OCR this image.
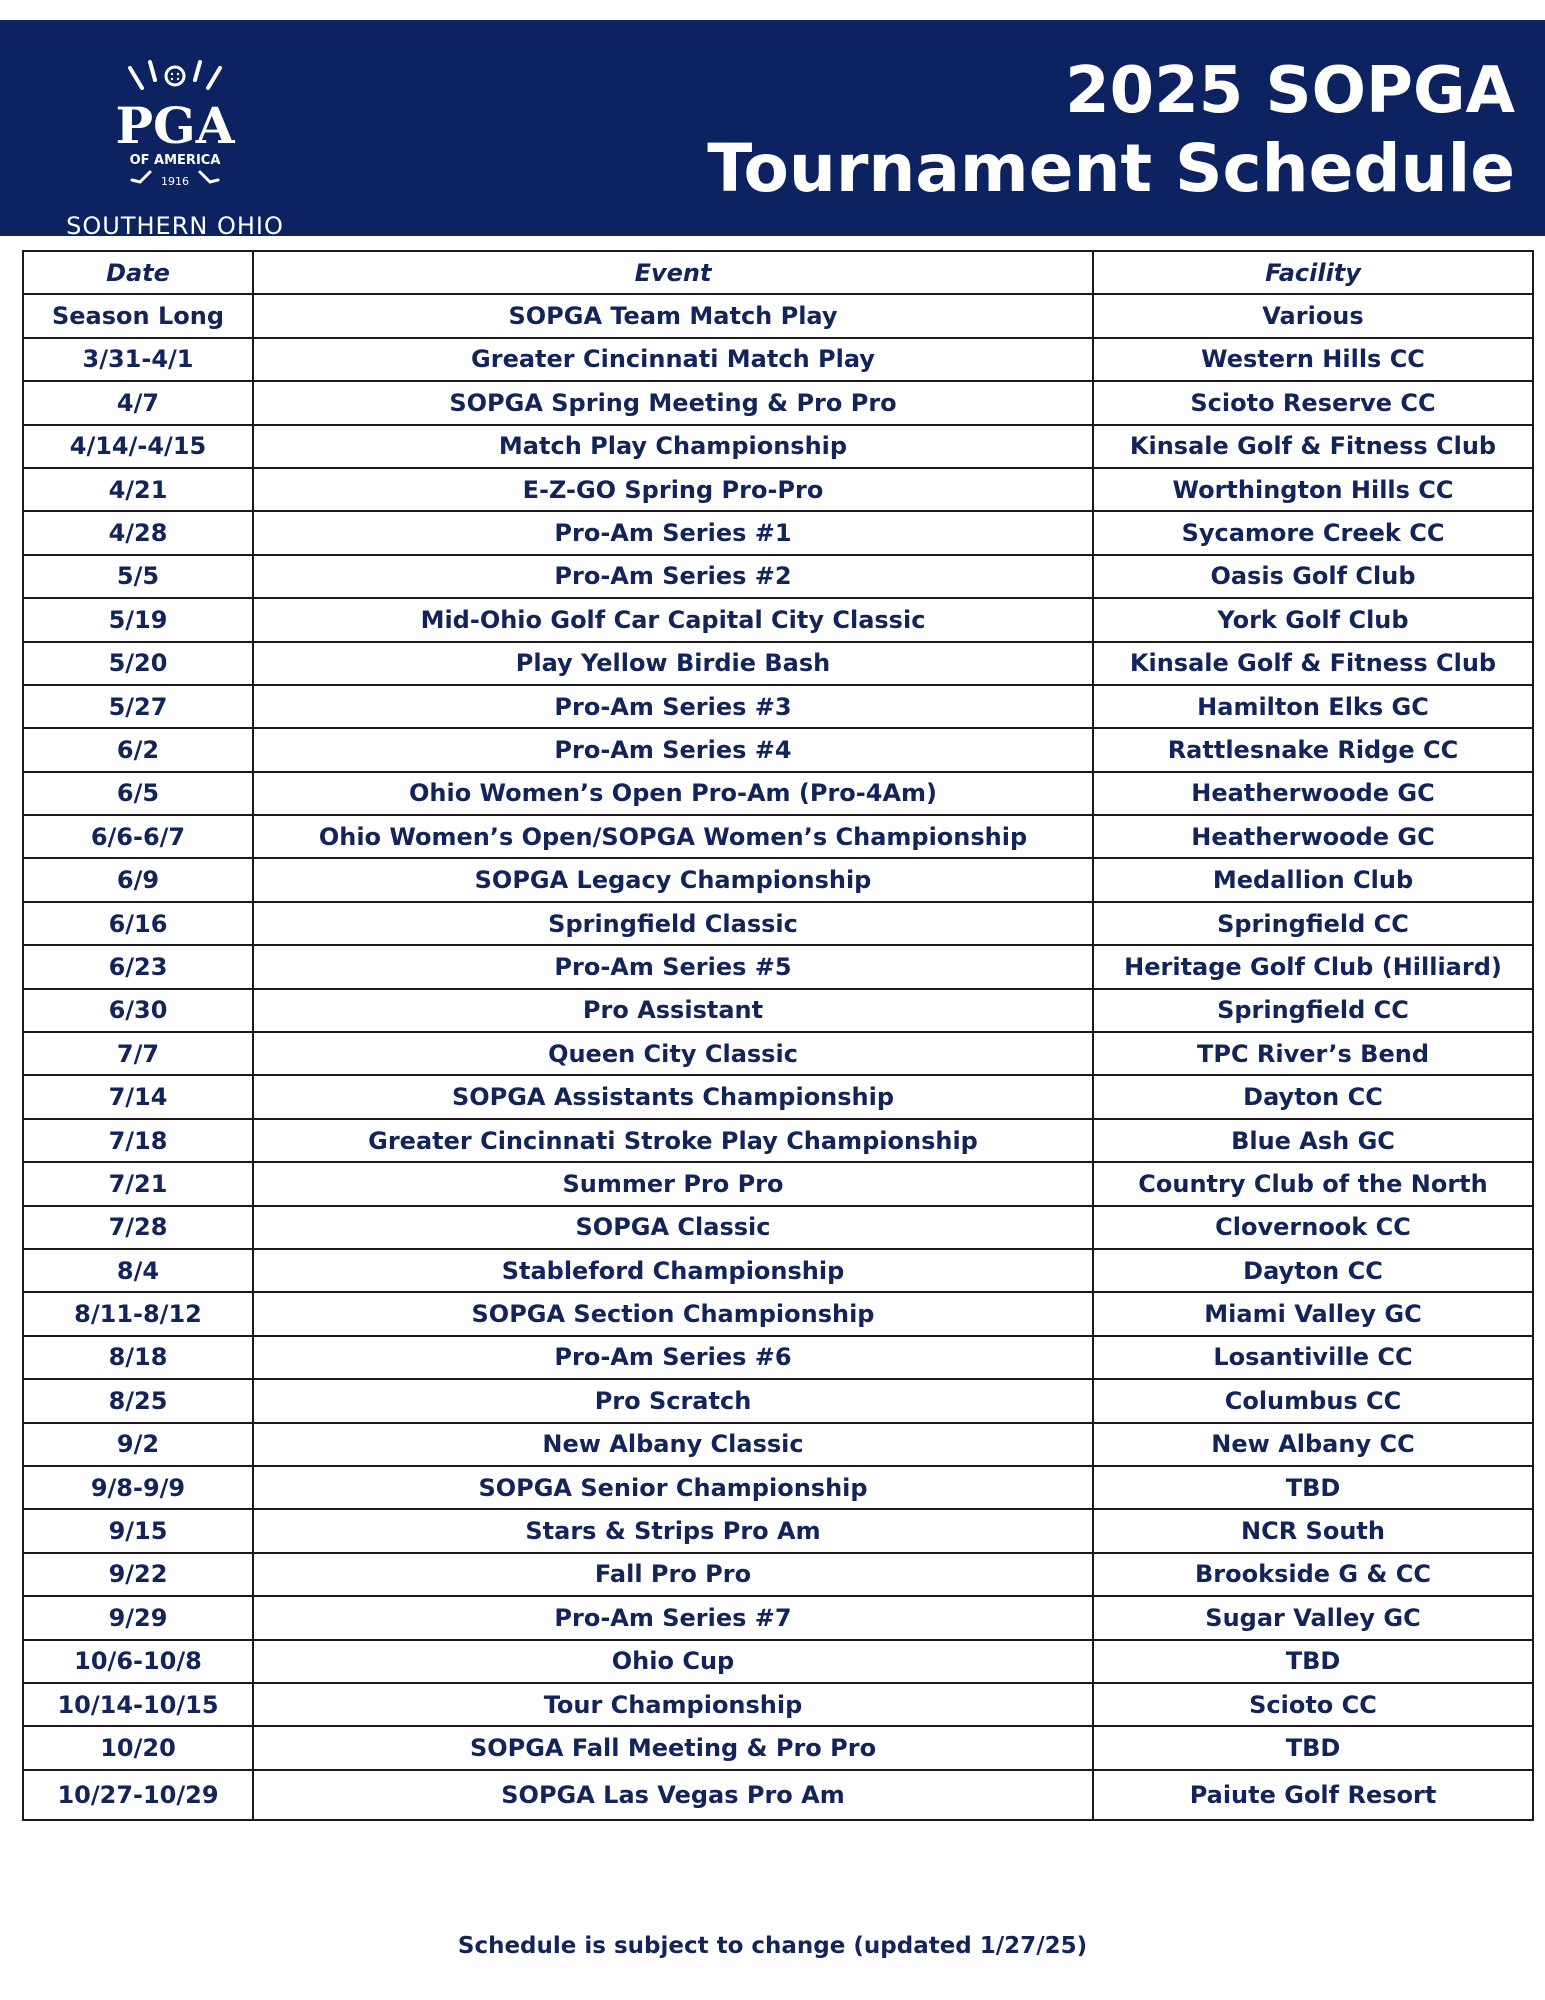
PGA
OF AMERICA
1916
SOUTHERN OHIO
2025 SOPGA
Tournament Schedule
Date	Event	Facility
Season Long	SOPGA Team Match Play	Various
3/31-4/1	Greater Cincinnati Match Play	Western Hills CC
4/7	SOPGA Spring Meeting & Pro Pro	Scioto Reserve CC
4/14/-4/15	Match Play Championship	Kinsale Golf & Fitness Club
4/21	E-Z-GO Spring Pro-Pro	Worthington Hills CC
4/28	Pro-Am Series #1	Sycamore Creek CC
5/5	Pro-Am Series #2	Oasis Golf Club
5/19	Mid-Ohio Golf Car Capital City Classic	York Golf Club
5/20	Play Yellow Birdie Bash	Kinsale Golf & Fitness Club
5/27	Pro-Am Series #3	Hamilton Elks GC
6/2	Pro-Am Series #4	Rattlesnake Ridge CC
6/5	Ohio Women’s Open Pro-Am (Pro-4Am)	Heatherwoode GC
6/6-6/7	Ohio Women’s Open/SOPGA Women’s Championship	Heatherwoode GC
6/9	SOPGA Legacy Championship	Medallion Club
6/16	Springfield Classic	Springfield CC
6/23	Pro-Am Series #5	Heritage Golf Club (Hilliard)
6/30	Pro Assistant	Springfield CC
7/7	Queen City Classic	TPC River’s Bend
7/14	SOPGA Assistants Championship	Dayton CC
7/18	Greater Cincinnati Stroke Play Championship	Blue Ash GC
7/21	Summer Pro Pro	Country Club of the North
7/28	SOPGA Classic	Clovernook CC
8/4	Stableford Championship	Dayton CC
8/11-8/12	SOPGA Section Championship	Miami Valley GC
8/18	Pro-Am Series #6	Losantiville CC
8/25	Pro Scratch	Columbus CC
9/2	New Albany Classic	New Albany CC
9/8-9/9	SOPGA Senior Championship	TBD
9/15	Stars & Strips Pro Am	NCR South
9/22	Fall Pro Pro	Brookside G & CC
9/29	Pro-Am Series #7	Sugar Valley GC
10/6-10/8	Ohio Cup	TBD
10/14-10/15	Tour Championship	Scioto CC
10/20	SOPGA Fall Meeting & Pro Pro	TBD
10/27-10/29	SOPGA Las Vegas Pro Am	Paiute Golf Resort
Schedule is subject to change (updated 1/27/25)
